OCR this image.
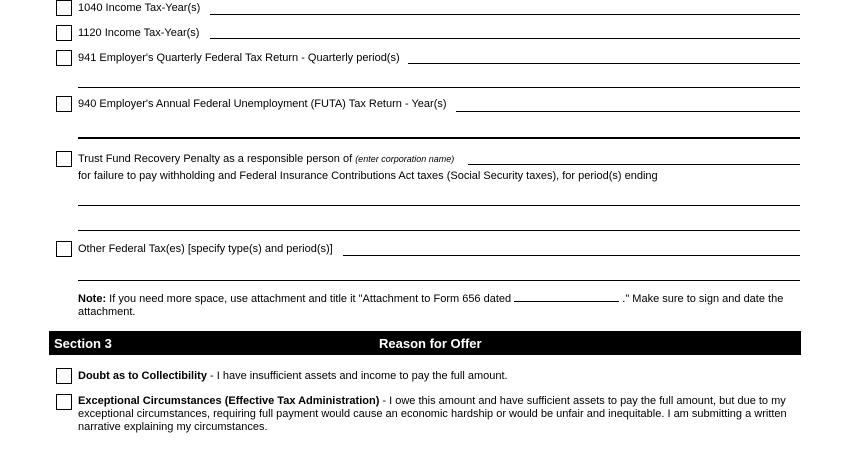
1040 Income Tax-Year(s)
1120 Income Tax-Year(s)
941 Employer's Quarterly Federal Tax Return - Quarterly period(s)
940 Employer's Annual Federal Unemployment (FUTA) Tax Return - Year(s)
Trust Fund Recovery Penalty as a responsible person of (enter corporation name)
for failure to pay withholding and Federal Insurance Contributions Act taxes (Social Security taxes), for period(s) ending
Other Federal Tax(es) [specify type(s) and period(s)]
Note: If you need more space, use attachment and title it "Attachment to Form 656 dated	." Make sure to sign and date the attachment.
Section 3	Reason for Offer
Doubt as to Collectibility - I have insufficient assets and income to pay the full amount.
Exceptional Circumstances (Effective Tax Administration) - I owe this amount and have sufficient assets to pay the full amount, but due to my exceptional circumstances, requiring full payment would cause an economic hardship or would be unfair and inequitable. I am submitting a written narrative explaining my circumstances.
